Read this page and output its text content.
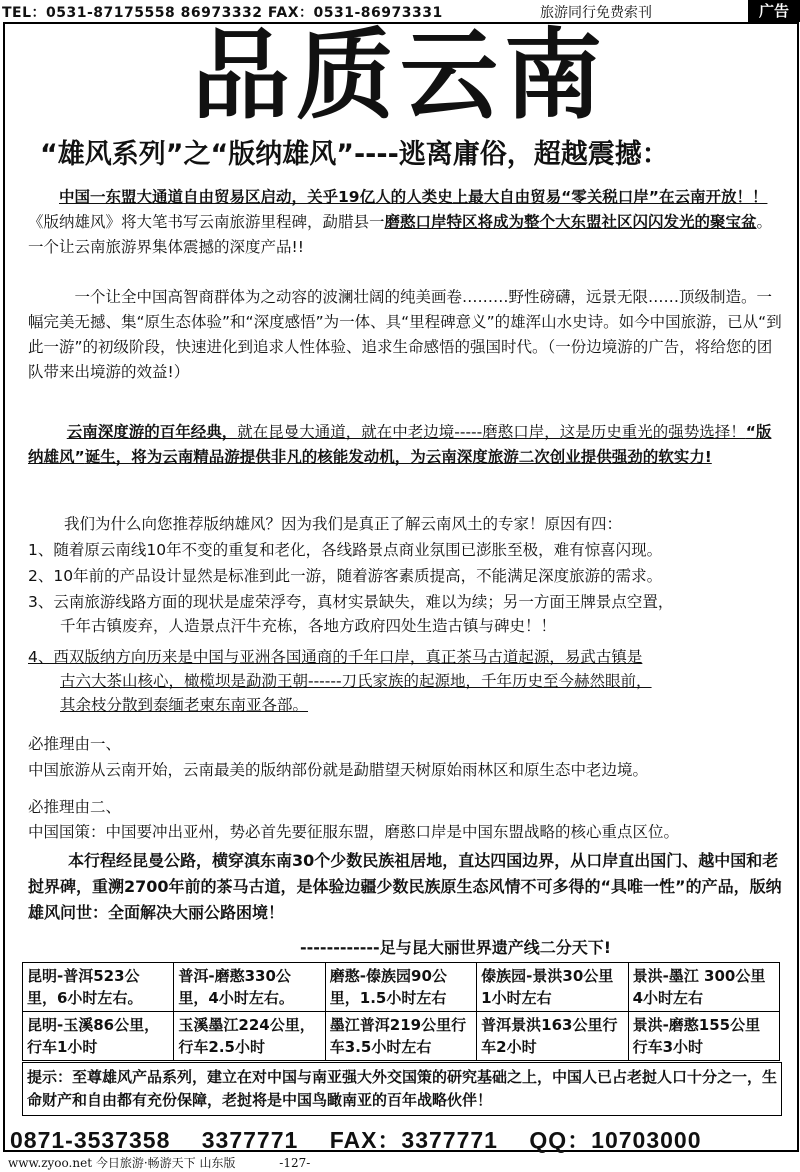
TEL：0531-87175558 86973332 FAX：0531-86973331	旅游同行免费索刊	广告
品质云南
“雄风系列”之“版纳雄风”----逃离庸俗，超越震撼：

中国一东盟大通道自由贸易区启动，关乎19亿人的人类史上最大自由贸易“零关税口岸”在云南开放！！《版纳雄风》将大笔书写云南旅游里程碑，勐腊县一磨憨口岸特区将成为整个大东盟社区闪闪发光的聚宝盆。一个让云南旅游界集体震撼的深度产品!!

一个让全中国高智商群体为之动容的波澜壮阔的纯美画卷………野性磅礴，远景无限……顶级制造。一幅完美无撼、集“原生态体验”和“深度感悟”为一体、具“里程碑意义”的雄浑山水史诗。如今中国旅游，已从“到此一游”的初级阶段，快速进化到追求人性体验、追求生命感悟的强国时代。（一份边境游的广告，将给您的团队带来出境游的效益!）

云南深度游的百年经典，就在昆曼大通道，就在中老边境-----磨憨口岸，这是历史重光的强势选择！“版纳雄风”诞生，将为云南精品游提供非凡的核能发动机，为云南深度旅游二次创业提供强劲的软实力!

我们为什么向您推荐版纳雄风？因为我们是真正了解云南风土的专家！原因有四：
1、随着原云南线10年不变的重复和老化，各线路景点商业氛围已澎胀至极，难有惊喜闪现。
2、10年前的产品设计显然是标准到此一游，随着游客素质提高，不能满足深度旅游的需求。
3、云南旅游线路方面的现状是虚荣浮夸，真材实景缺失，难以为续；另一方面王牌景点空置，
千年古镇废弃，人造景点汗牛充栋，各地方政府四处生造古镇与碑史！！
4、西双版纳方向历来是中国与亚洲各国通商的千年口岸，真正茶马古道起源，易武古镇是
古六大茶山核心，橄榄坝是勐泐王朝------刀氏家族的起源地，千年历史至今赫然眼前，
其余枝分散到泰缅老柬东南亚各部。
必推理由一、
中国旅游从云南开始，云南最美的版纳部份就是勐腊望天树原始雨林区和原生态中老边境。
必推理由二、
中国国策：中国要冲出亚州，势必首先要征服东盟，磨憨口岸是中国东盟战略的核心重点区位。

本行程经昆曼公路，横穿滇东南30个少数民族祖居地，直达四国边界，从口岸直出国门、越中国和老挝界碑，重溯2700年前的茶马古道，是体验边疆少数民族原生态风情不可多得的“具唯一性”的产品，版纳雄风问世：全面解决大丽公路困境！

------------足与昆大丽世界遗产线二分天下!
昆明-普洱523公里，6小时左右。	普洱-磨憨330公里，4小时左右。	磨憨-傣族园90公里，1.5小时左右	傣族园-景洪30公里1小时左右	景洪-墨江 300公里4小时左右
昆明-玉溪86公里，行车1小时	玉溪墨江224公里，行车2.5小时	墨江普洱219公里行车3.5小时左右	普洱景洪163公里行车2小时	景洪-磨憨155公里行车3小时
提示：至尊雄风产品系列，建立在对中国与南亚强大外交国策的研究基础之上，中国人已占老挝人口十分之一，生命财产和自由都有充份保障，老挝将是中国鸟瞰南亚的百年战略伙伴！
0871-3537358 3377771 FAX：3377771 QQ：10703000
www.zyoo.net 今日旅游·畅游天下 山东版	-127-
